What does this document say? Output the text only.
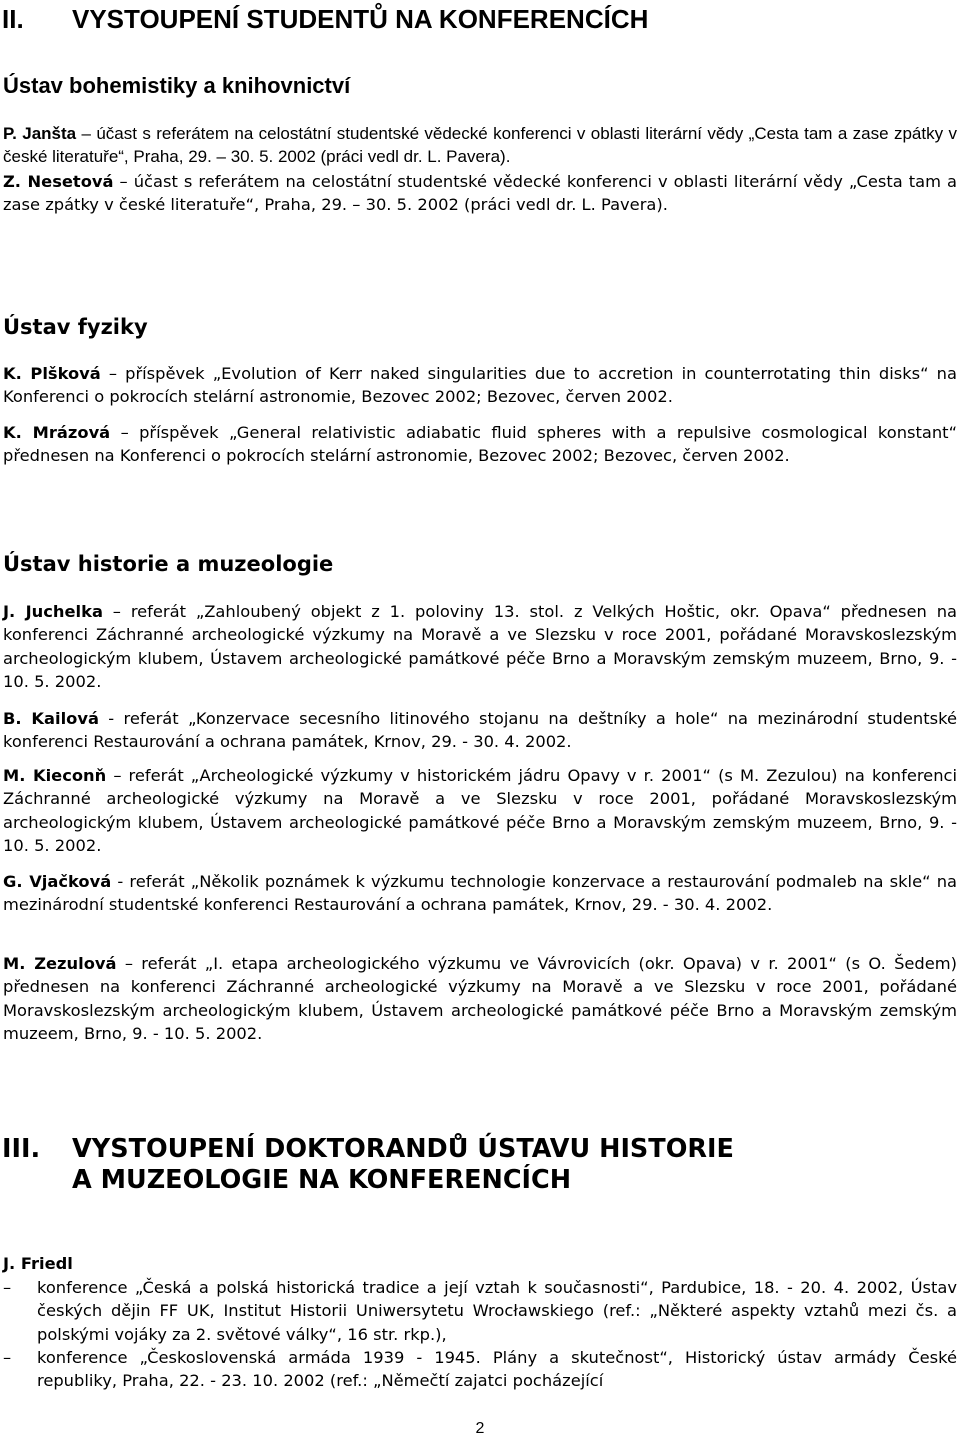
II. VYSTOUPENÍ STUDENTŮ NA KONFERENCÍCH
Ústav bohemistiky a knihovnictví
P. Janšta – účast s referátem na celostátní studentské vědecké konferenci v oblasti literární vědy „Cesta tam a zase zpátky v české literatuře“, Praha, 29. – 30. 5. 2002 (práci vedl dr. L. Pavera).
Z. Nesetová – účast s referátem na celostátní studentské vědecké konferenci v oblasti literární vědy „Cesta tam a zase zpátky v české literatuře“, Praha, 29. – 30. 5. 2002 (práci vedl dr. L. Pavera).
Ústav fyziky
K. Plšková – příspěvek „Evolution of Kerr naked singularities due to accretion in counterrotating thin disks“ na Konferenci o pokrocích stelární astronomie, Bezovec 2002; Bezovec, červen 2002.
K. Mrázová – příspěvek „General relativistic adiabatic fluid spheres with a repulsive cosmological konstant“ přednesen na Konferenci o pokrocích stelární astronomie, Bezovec 2002; Bezovec, červen 2002.
Ústav historie a muzeologie
J. Juchelka – referát „Zahloubený objekt z 1. poloviny 13. stol. z Velkých Hoštic, okr. Opava“ přednesen na konferenci Záchranné archeologické výzkumy na Moravě a ve Slezsku v roce 2001, pořádané Moravskoslezským archeologickým klubem, Ústavem archeologické památkové péče Brno a Moravským zemským muzeem, Brno, 9. - 10. 5. 2002.
B. Kailová - referát „Konzervace secesního litinového stojanu na deštníky a hole“ na mezinárodní studentské konferenci Restaurování a ochrana památek, Krnov, 29. - 30. 4. 2002.
M. Kieconň – referát „Archeologické výzkumy v historickém jádru Opavy v r. 2001“ (s M. Zezulou) na konferenci Záchranné archeologické výzkumy na Moravě a ve Slezsku v roce 2001, pořádané Moravskoslezským archeologickým klubem, Ústavem archeologické památkové péče Brno a Moravským zemským muzeem, Brno, 9. - 10. 5. 2002.
G. Vjačková - referát „Několik poznámek k výzkumu technologie konzervace a restaurování podmaleb na skle“ na mezinárodní studentské konferenci Restaurování a ochrana památek, Krnov, 29. - 30. 4. 2002.
M. Zezulová – referát „I. etapa archeologického výzkumu ve Vávrovicích (okr. Opava) v r. 2001“ (s O. Šedem) přednesen na konferenci Záchranné archeologické výzkumy na Moravě a ve Slezsku v roce 2001, pořádané Moravskoslezským archeologickým klubem, Ústavem archeologické památkové péče Brno a Moravským zemským muzeem, Brno, 9. - 10. 5. 2002.
III. VYSTOUPENÍ DOKTORANDŮ ÚSTAVU HISTORIE
A MUZEOLOGIE NA KONFERENCÍCH
J. Friedl
– konference „Česká a polská historická tradice a její vztah k současnosti“, Pardubice, 18. - 20. 4. 2002, Ústav českých dějin FF UK, Institut Historii Uniwersytetu Wrocławskiego (ref.: „Některé aspekty vztahů mezi čs. a polskými vojáky za 2. světové války“, 16 str. rkp.),
– konference „Československá armáda 1939 - 1945. Plány a skutečnost“, Historický ústav armády České republiky, Praha, 22. - 23. 10. 2002 (ref.: „Němečtí zajatci pocházející
2
